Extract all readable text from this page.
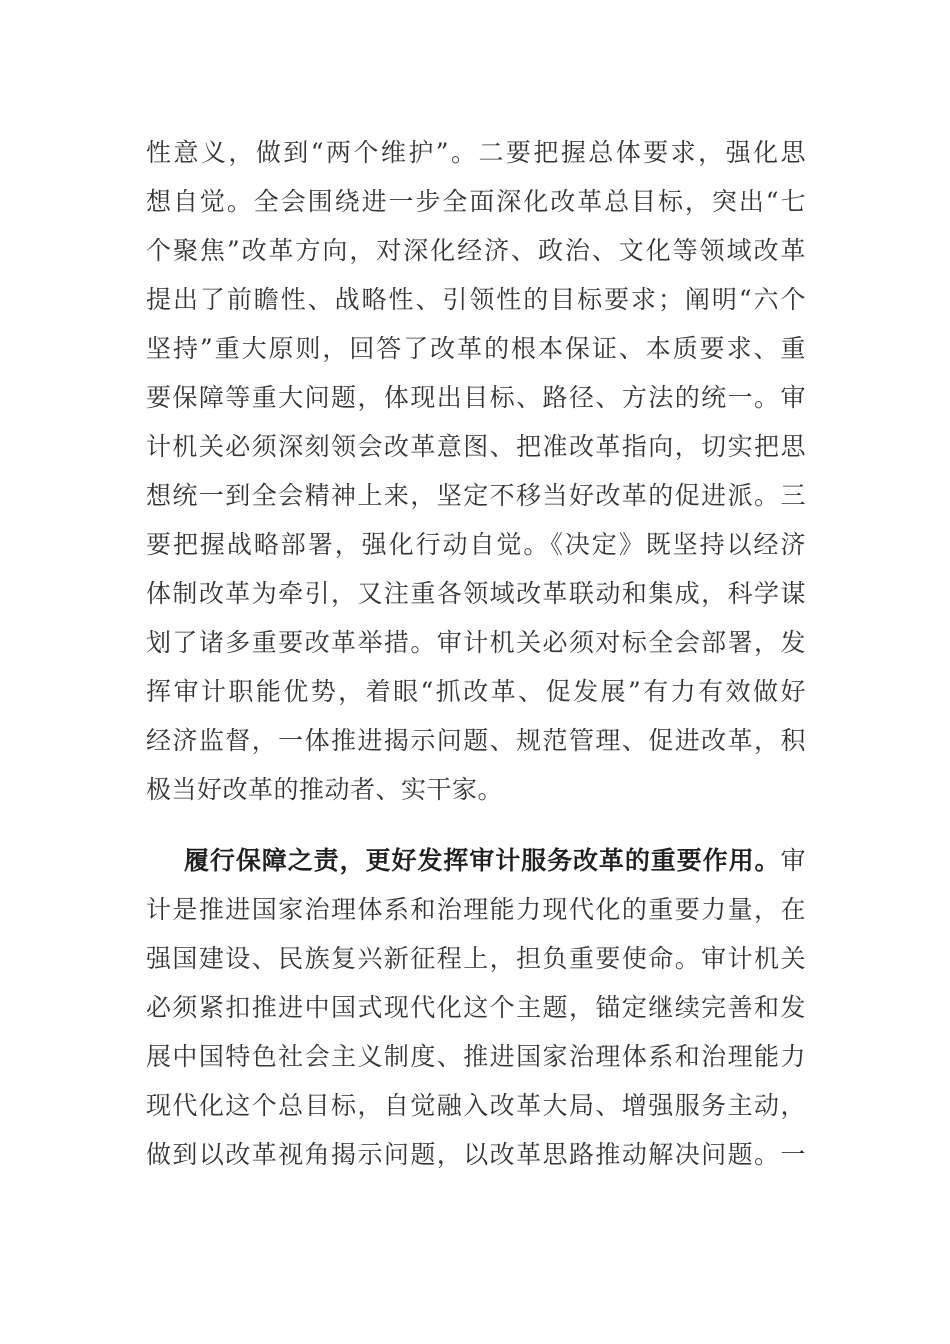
性意义，做到“两个维护”。二要把握总体要求，强化思
想自觉。全会围绕进一步全面深化改革总目标，突出“七
个聚焦”改革方向，对深化经济、政治、文化等领域改革
提出了前瞻性、战略性、引领性的目标要求；阐明“六个
坚持”重大原则，回答了改革的根本保证、本质要求、重
要保障等重大问题，体现出目标、路径、方法的统一。审
计机关必须深刻领会改革意图、把准改革指向，切实把思
想统一到全会精神上来，坚定不移当好改革的促进派。三
要把握战略部署，强化行动自觉。《决定》既坚持以经济
体制改革为牵引，又注重各领域改革联动和集成，科学谋
划了诸多重要改革举措。审计机关必须对标全会部署，发
挥审计职能优势，着眼“抓改革、促发展”有力有效做好
经济监督，一体推进揭示问题、规范管理、促进改革，积
极当好改革的推动者、实干家。
履行保障之责，更好发挥审计服务改革的重要作用。审
计是推进国家治理体系和治理能力现代化的重要力量，在
强国建设、民族复兴新征程上，担负重要使命。审计机关
必须紧扣推进中国式现代化这个主题，锚定继续完善和发
展中国特色社会主义制度、推进国家治理体系和治理能力
现代化这个总目标，自觉融入改革大局、增强服务主动，
做到以改革视角揭示问题，以改革思路推动解决问题。一
